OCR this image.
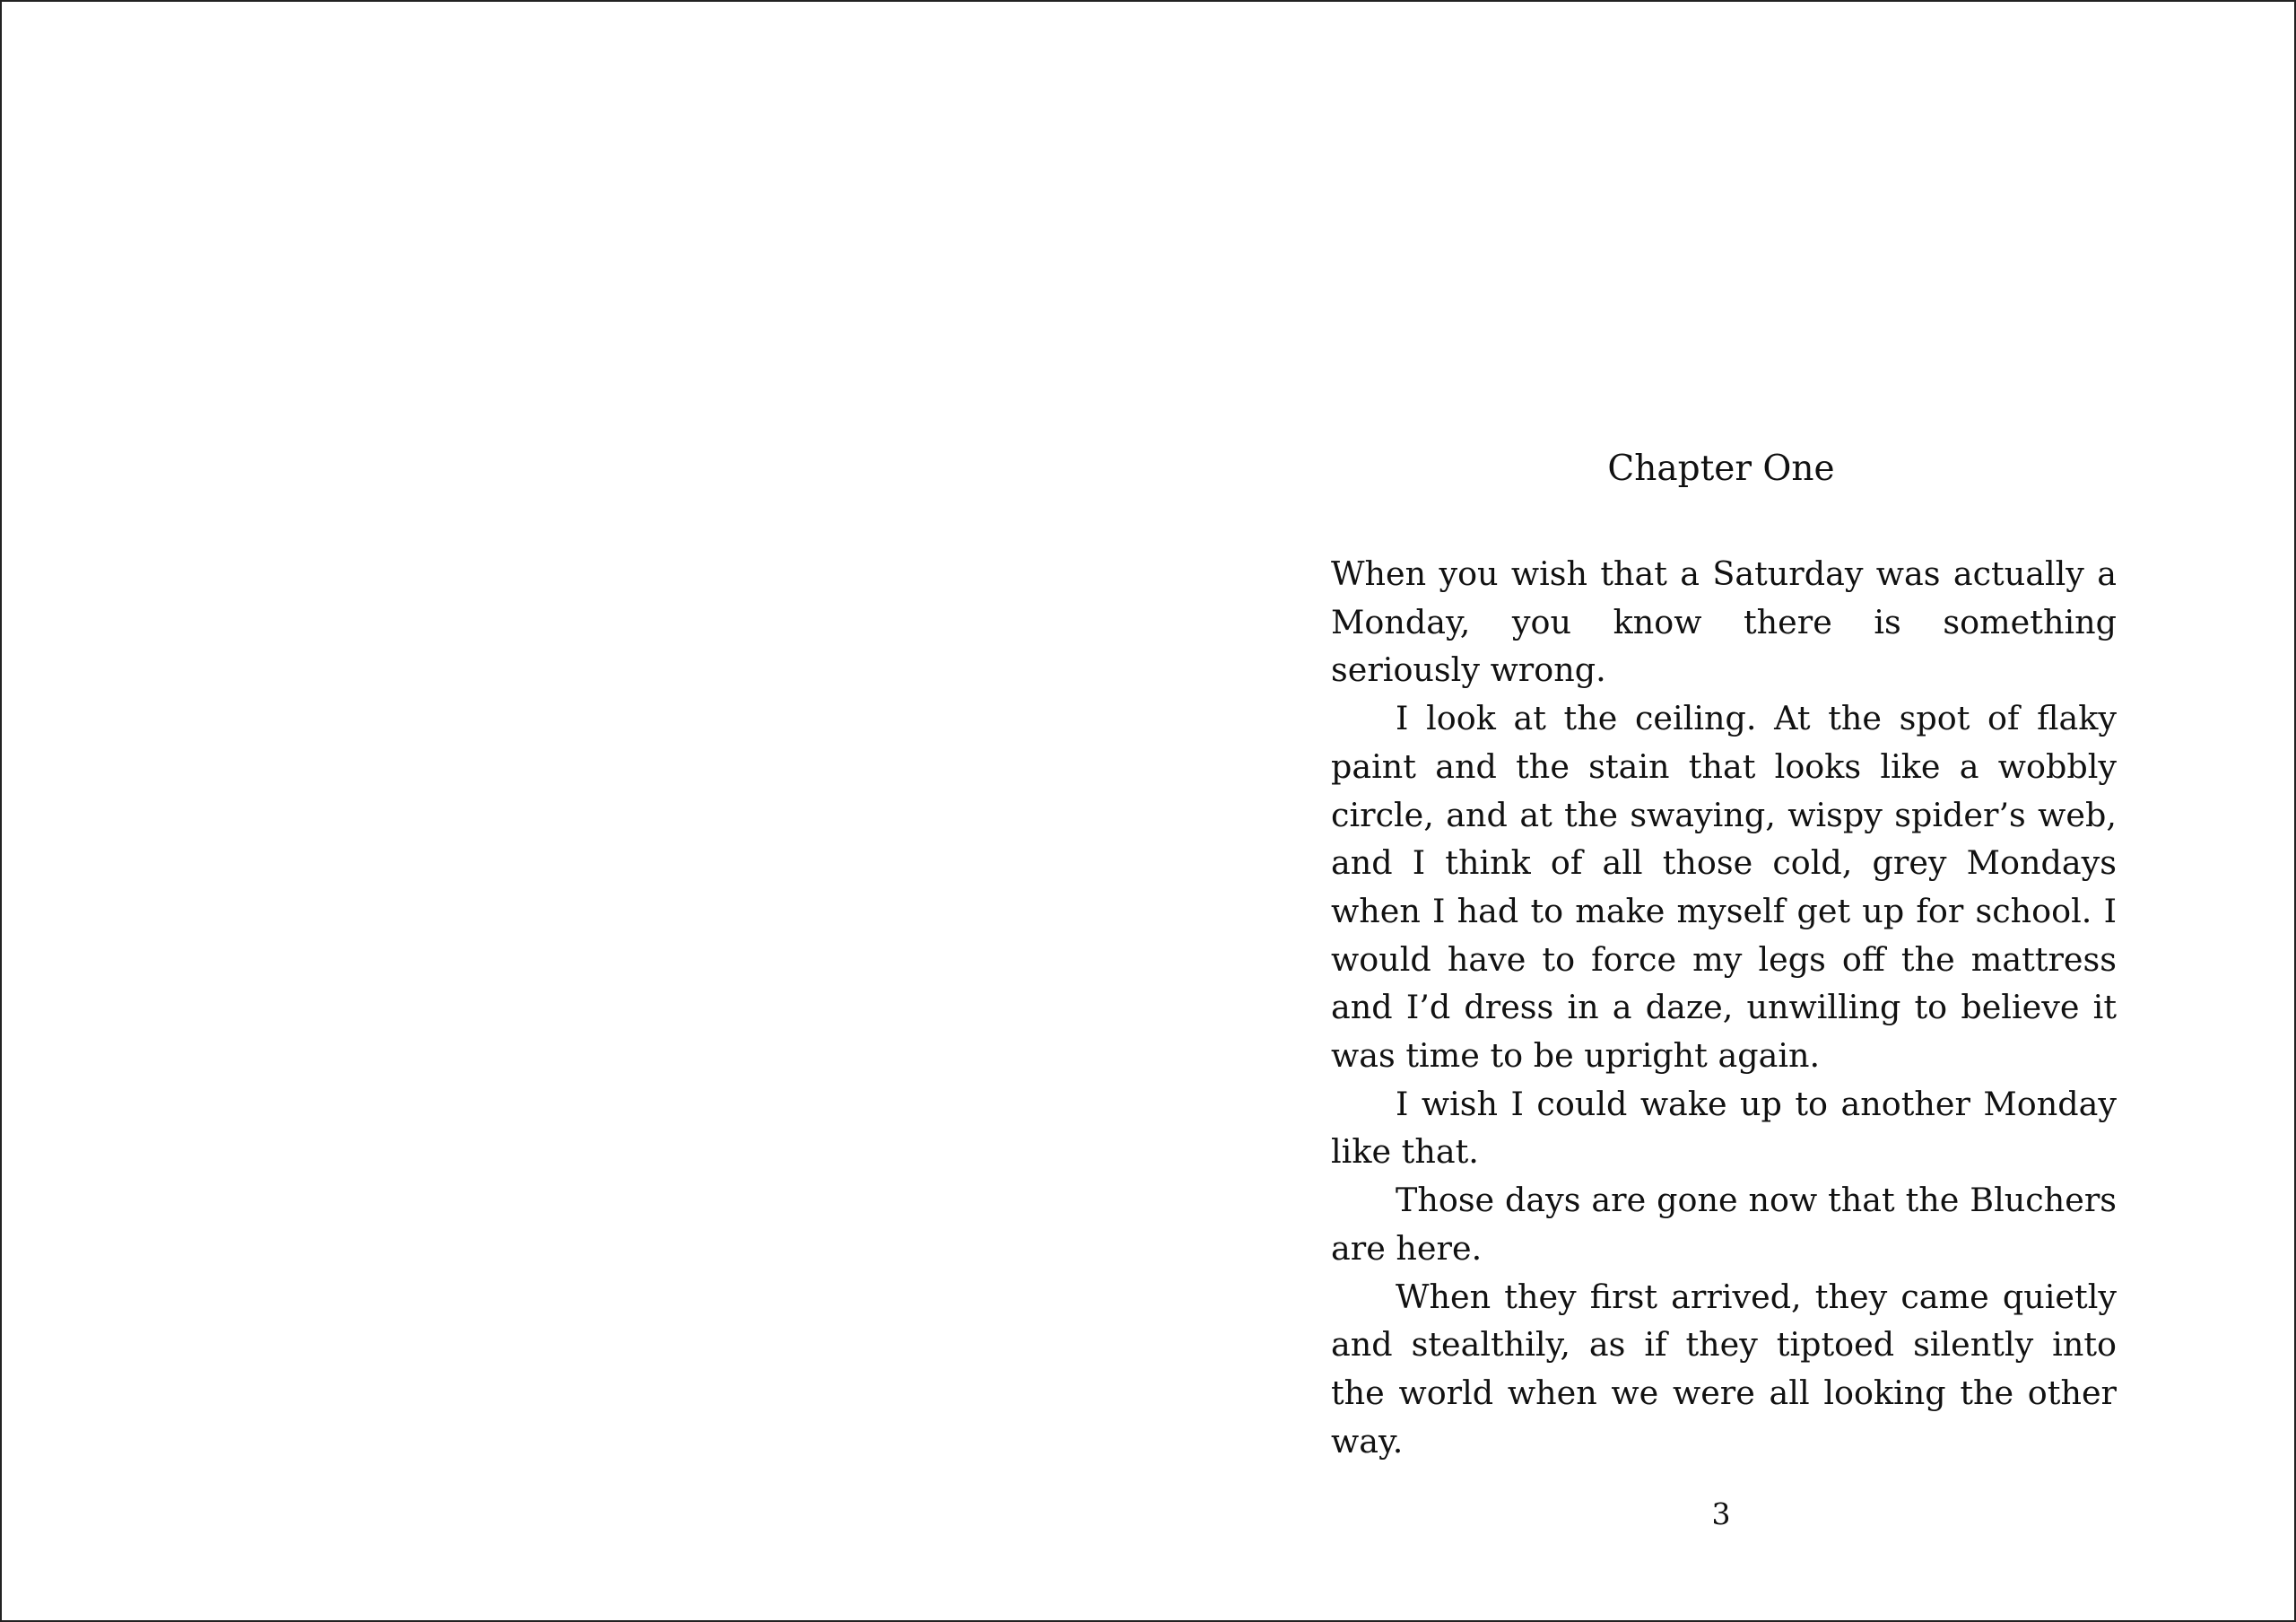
Chapter One

When you wish that a Saturday was actually a Monday, you know there is something seriously wrong.

I look at the ceiling. At the spot of flaky paint and the stain that looks like a wobbly circle, and at the swaying, wispy spider’s web, and I think of all those cold, grey Mondays when I had to make myself get up for school. I would have to force my legs off the mattress and I’d dress in a daze, unwilling to believe it was time to be upright again.

I wish I could wake up to another Monday like that.

Those days are gone now that the Bluchers are here.

When they first arrived, they came quietly and stealthily, as if they tiptoed silently into the world when we were all looking the other way.

3
